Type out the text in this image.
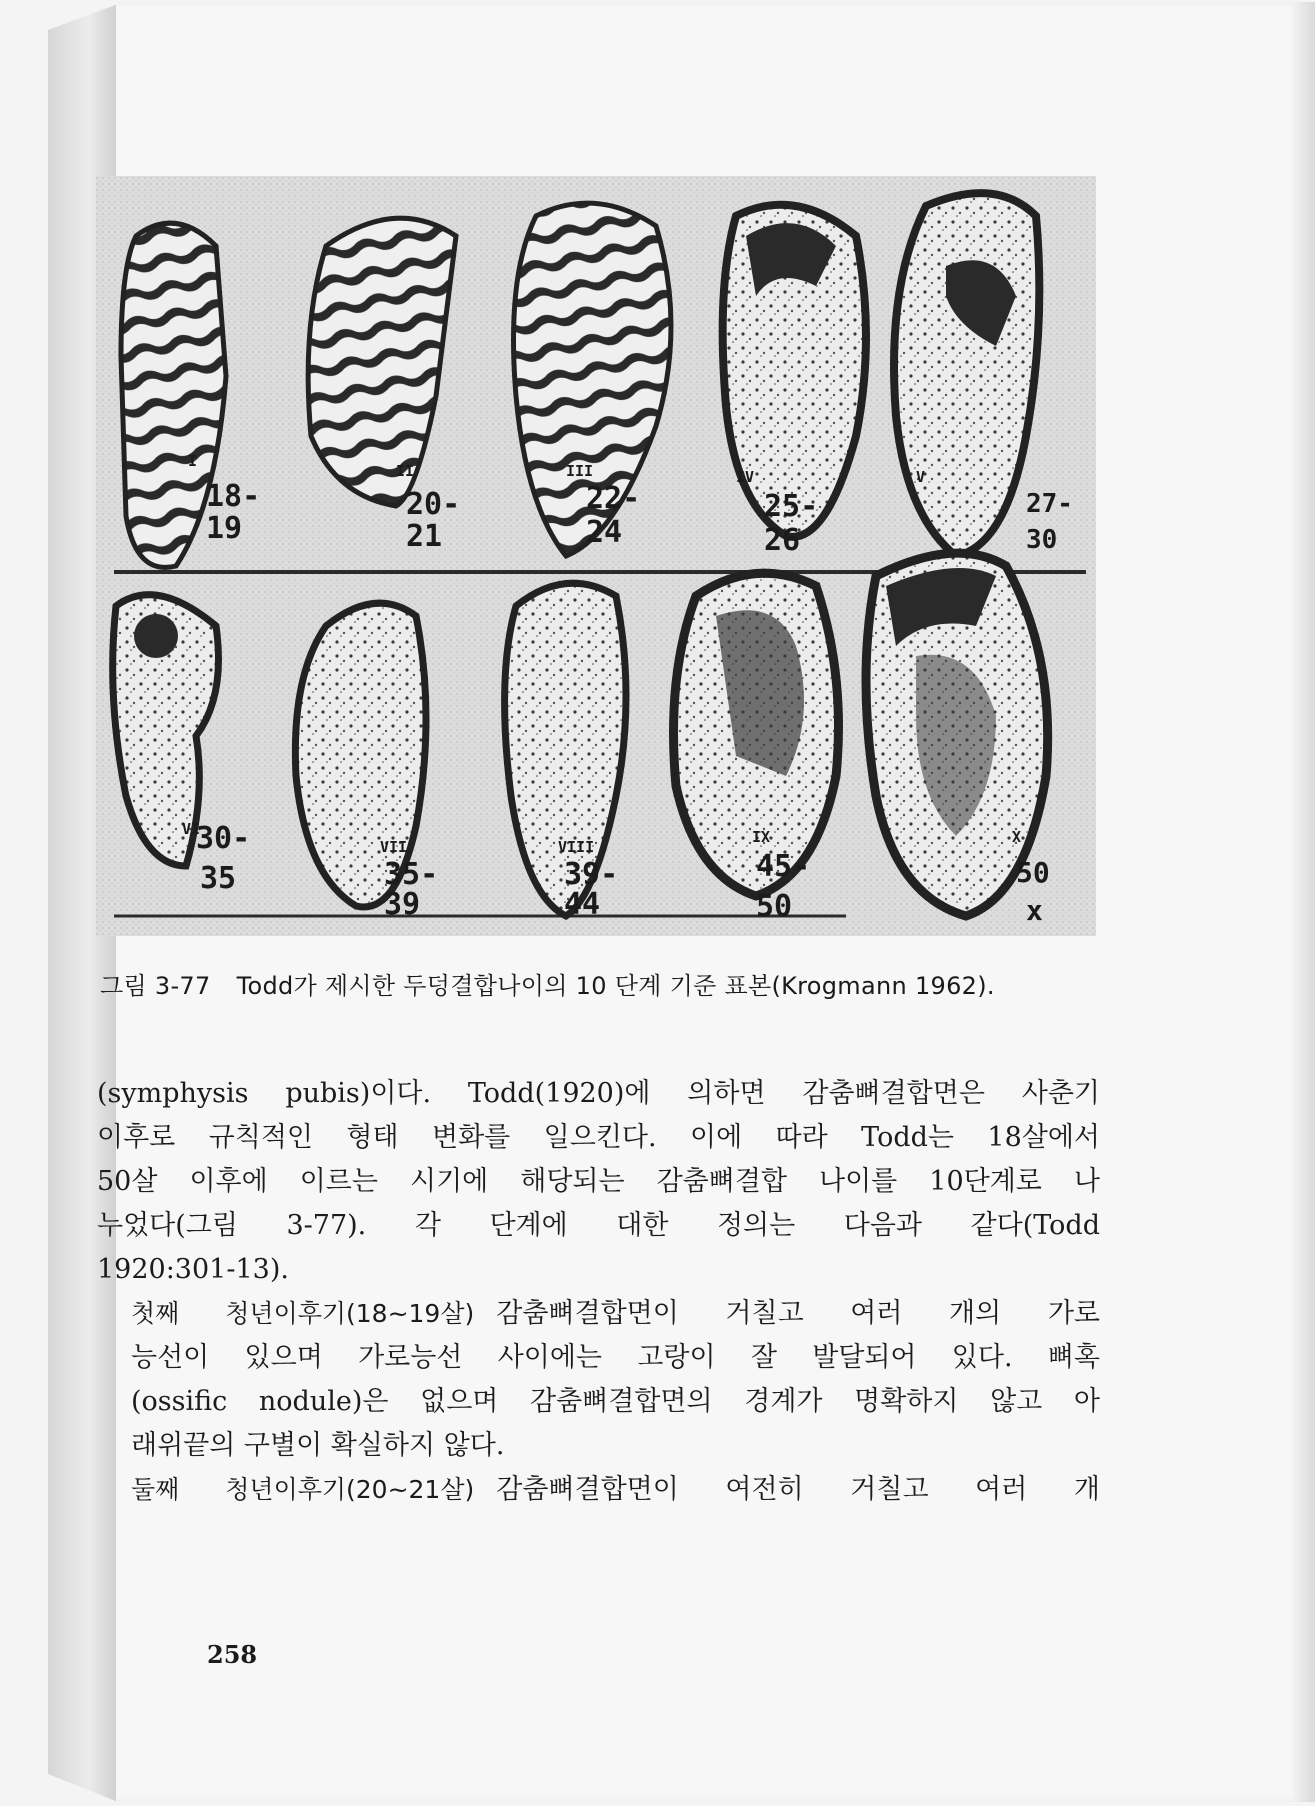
I
18-
19
II
20-
21
III
22-
24
IV
25-
26
V
27-
30
VI
30-
35
VII
35-
39
VIII
39-
44
IX
45-
50
X
50
x
그림 3-77 Todd가 제시한 두덩결합나이의 10 단계 기준 표본(Krogmann 1962).
(symphysis pubis)이다. Todd(1920)에 의하면 감춤뼈결합면은 사춘기
이후로 규칙적인 형태 변화를 일으킨다. 이에 따라 Todd는 18살에서
50살 이후에 이르는 시기에 해당되는 감춤뼈결합 나이를 10단계로 나
누었다(그림 3-77). 각 단계에 대한 정의는 다음과 같다(Todd
1920:301-13).
첫째 청년이후기(18~19살) 감춤뼈결합면이 거칠고 여러 개의 가로
능선이 있으며 가로능선 사이에는 고랑이 잘 발달되어 있다. 뼈혹
(ossific nodule)은 없으며 감춤뼈결합면의 경계가 명확하지 않고 아
래위끝의 구별이 확실하지 않다.
둘째 청년이후기(20~21살) 감춤뼈결합면이 여전히 거칠고 여러 개
258
